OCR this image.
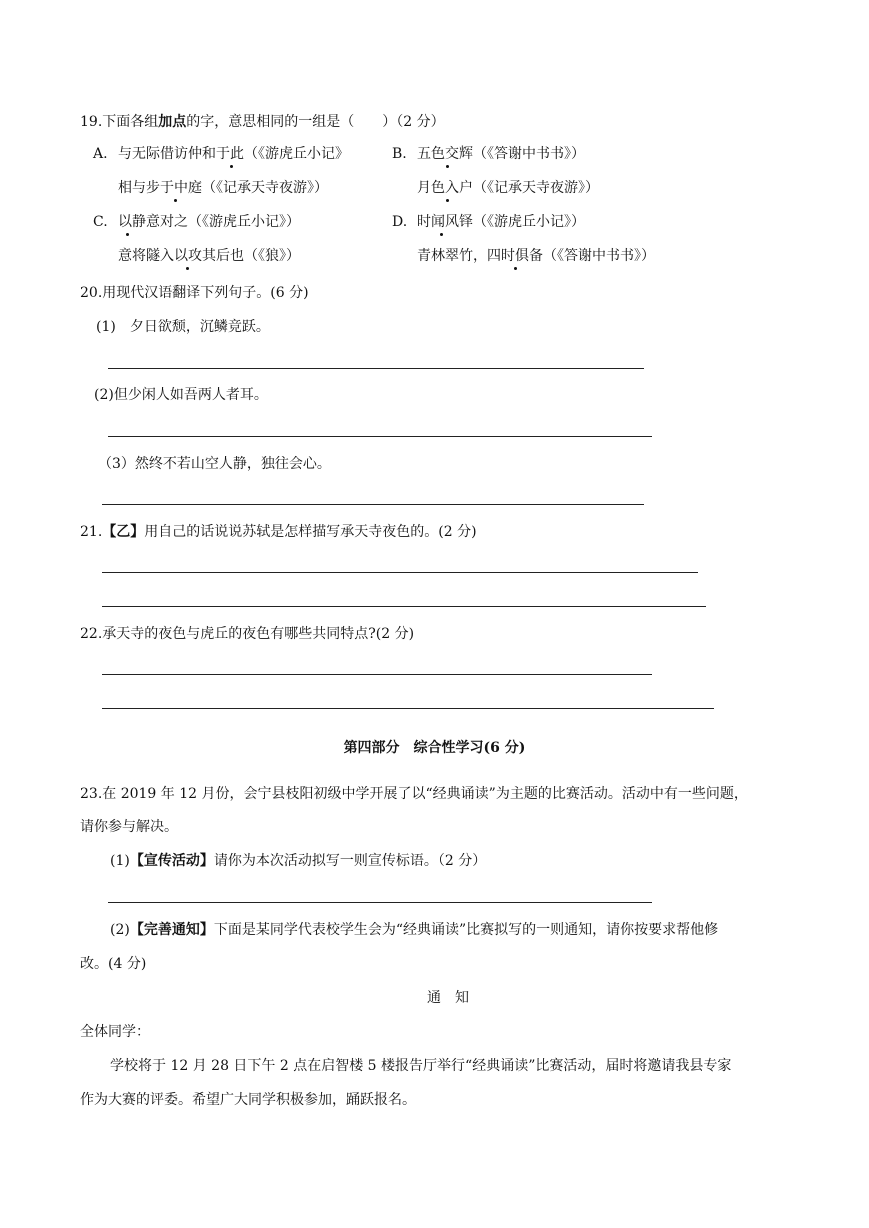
19.下面各组加点的字，意思相同的一组是（　　）（2 分）
A. 与无际借访仲和于此（《游虎丘小记》
相与步于中庭（《记承天寺夜游》）
B. 五色交辉（《答谢中书书》）
月色入户（《记承天寺夜游》）
C. 以静意对之（《游虎丘小记》）
意将隧入以攻其后也（《狼》）
D. 时闻风铎（《游虎丘小记》）
青林翠竹，四时俱备（《答谢中书书》）
20.用现代汉语翻译下列句子。(6 分)
(1)　夕日欲颓，沉鳞竞跃。
(2)但少闲人如吾两人者耳。
（3）然终不若山空人静，独往会心。
21.【乙】用自己的话说说苏轼是怎样描写承天寺夜色的。(2 分)
22.承天寺的夜色与虎丘的夜色有哪些共同特点?(2 分)
第四部分　综合性学习(6 分)
23.在 2019 年 12 月份，会宁县枝阳初级中学开展了以“经典诵读”为主题的比赛活动。活动中有一些问题，
请你参与解决。
(1)【宣传活动】请你为本次活动拟写一则宣传标语。（2 分）
(2)【完善通知】下面是某同学代表校学生会为“经典诵读”比赛拟写的一则通知，请你按要求帮他修
改。(4 分)
通　知
全体同学：
学校将于 12 月 28 日下午 2 点在启智楼 5 楼报告厅举行“经典诵读”比赛活动，届时将邀请我县专家
作为大赛的评委。希望广大同学积极参加，踊跃报名。
